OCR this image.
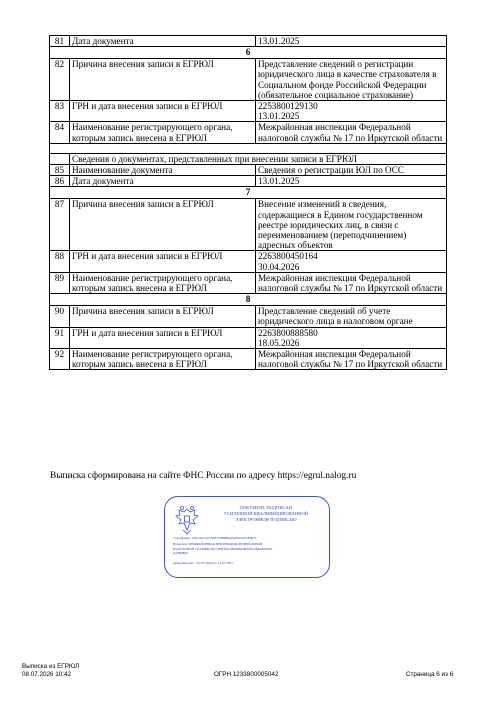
81	Дата документа	13.01.2025
6		
82	Причина внесения записи в ЕГРЮЛ	Представление сведений о регистрации юридического лица в качестве страхователя в Социальном фонде Российской Федерации (обязательное социальное страхование)
83	ГРН и дата внесения записи в ЕГРЮЛ	2253800129130
13.01.2025
84	Наименование регистрирующего органа, которым запись внесена в ЕГРЮЛ	Межрайонная инспекция Федеральной налоговой службы № 17 по Иркутской области

	Сведения о документах, представленных при внесении записи в ЕГРЮЛ	
85	Наименование документа	Сведения о регистрации ЮЛ по ОСС
86	Дата документа	13.01.2025
7		
87	Причина внесения записи в ЕГРЮЛ	Внесение изменений в сведения, содержащиеся в Едином государственном реестре юридических лиц, в связи с переименованием (переподчинением) адресных объектов
88	ГРН и дата внесения записи в ЕГРЮЛ	2263800450164
30.04.2026
89	Наименование регистрирующего органа, которым запись внесена в ЕГРЮЛ	Межрайонная инспекция Федеральной налоговой службы № 17 по Иркутской области
8		
90	Причина внесения записи в ЕГРЮЛ	Представление сведений об учете юридического лица в налоговом органе
91	ГРН и дата внесения записи в ЕГРЮЛ	2263800888580
18.05.2026
92	Наименование регистрирующего органа, которым запись внесена в ЕГРЮЛ	Межрайонная инспекция Федеральной налоговой службы № 17 по Иркутской области
Выписка сформирована на сайте ФНС России по адресу https://egrul.nalog.ru
ДОКУМЕНТ ПОДПИСАН
УСИЛЕННОЙ КВАЛИФИЦИРОВАННОЙ
ЭЛЕКТРОННОЙ ПОДПИСЬЮ
Сертификат: 5461A05A87A6575388B8A0AB5DA05E6677
Владелец: МЕЖРАЙОННАЯ ИНСПЕКЦИЯ ФЕДЕРАЛЬНОЙ НАЛОГОВОЙ СЛУЖБЫ ПО ЦЕНТРАЛИЗОВАННОЙ ОБРАБОТКЕ ДАННЫХ
Действителен: с 07.05.2026 по 31.07.2027
Выписка из ЕГРЮЛ
08.07.2026 10:42	ОГРН 1233800005042	Страница 6 из 6
